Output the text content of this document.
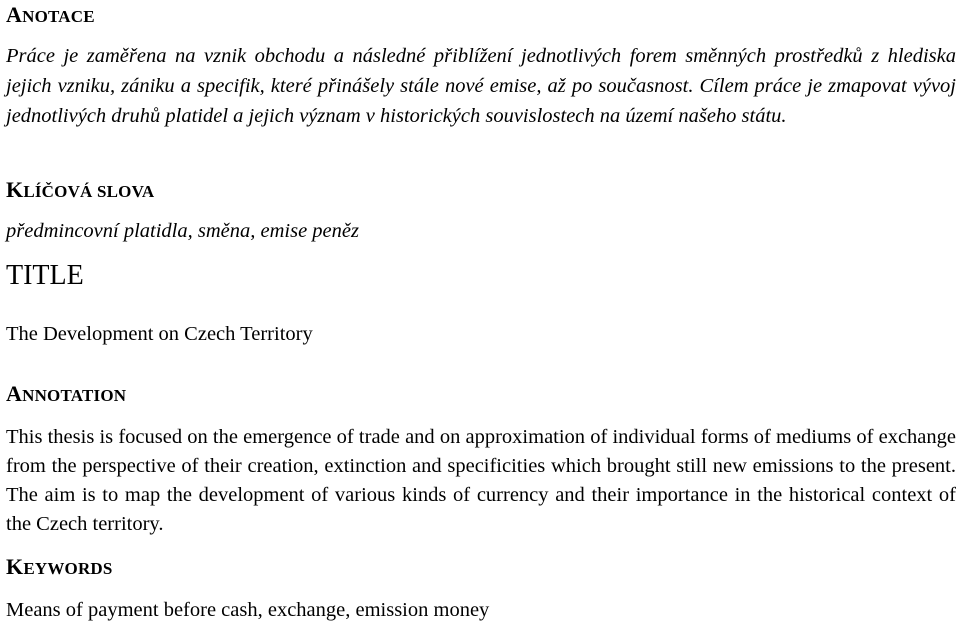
ANOTACE

Práce je zaměřena na vznik obchodu a následné přiblížení jednotlivých forem směnných prostředků z hlediska jejich vzniku, zániku a specifik, které přinášely stále nové emise, až po současnost. Cílem práce je zmapovat vývoj jednotlivých druhů platidel a jejich význam v historických souvislostech na území našeho státu.

KLÍČOVÁ SLOVA

předmincovní platidla, směna, emise peněz

TITLE

The Development on Czech Territory

ANNOTATION

This thesis is focused on the emergence of trade and on approximation of individual forms of mediums of exchange from the perspective of their creation, extinction and specificities which brought still new emissions to the present. The aim is to map the development of various kinds of currency and their importance in the historical context of the Czech territory.

KEYWORDS

Means of payment before cash, exchange, emission money
